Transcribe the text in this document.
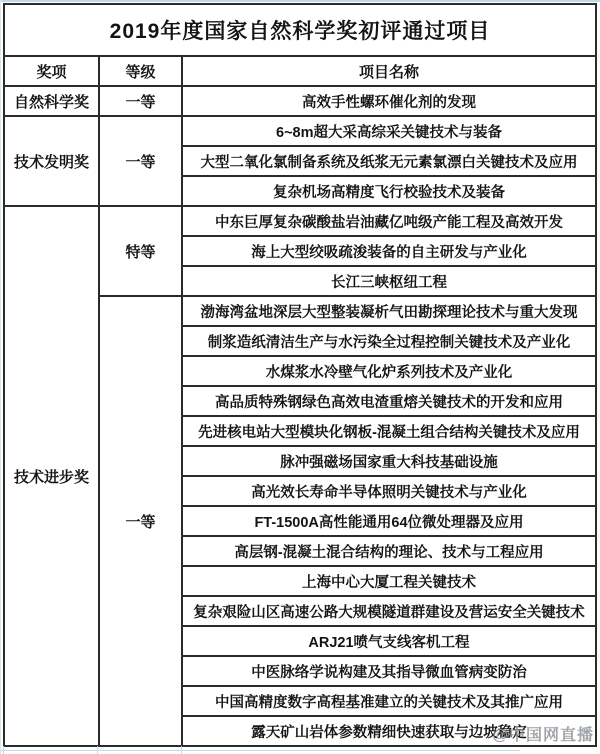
2019年度国家自然科学奖初评通过项目		
奖项	等级	项目名称
自然科学奖	一等	高效手性螺环催化剂的发现
技术发明奖	一等	6~8m超大采高综采关键技术与装备
		大型二氧化氯制备系统及纸浆无元素氯漂白关键技术及应用
		复杂机场高精度飞行校验技术及装备
技术进步奖	特等	中东巨厚复杂碳酸盐岩油藏亿吨级产能工程及高效开发
		海上大型绞吸疏浚装备的自主研发与产业化
		长江三峡枢纽工程
	一等	渤海湾盆地深层大型整装凝析气田勘探理论技术与重大发现
		制浆造纸清洁生产与水污染全过程控制关键技术及产业化
		水煤浆水冷壁气化炉系列技术及产业化
		高品质特殊钢绿色高效电渣重熔关键技术的开发和应用
		先进核电站大型模块化钢板-混凝土组合结构关键技术及应用
		脉冲强磁场国家重大科技基础设施
		高光效长寿命半导体照明关键技术与产业化
		FT-1500A高性能通用64位微处理器及应用
		高层钢-混凝土混合结构的理论、技术与工程应用
		上海中心大厦工程关键技术
		复杂艰险山区高速公路大规模隧道群建设及营运安全关键技术
		ARJ21喷气支线客机工程
		中医脉络学说构建及其指导微血管病变防治
		中国高精度数字高程基准建立的关键技术及其推广应用
		露天矿山岩体参数精细快速获取与边坡稳定
@中国网直播
